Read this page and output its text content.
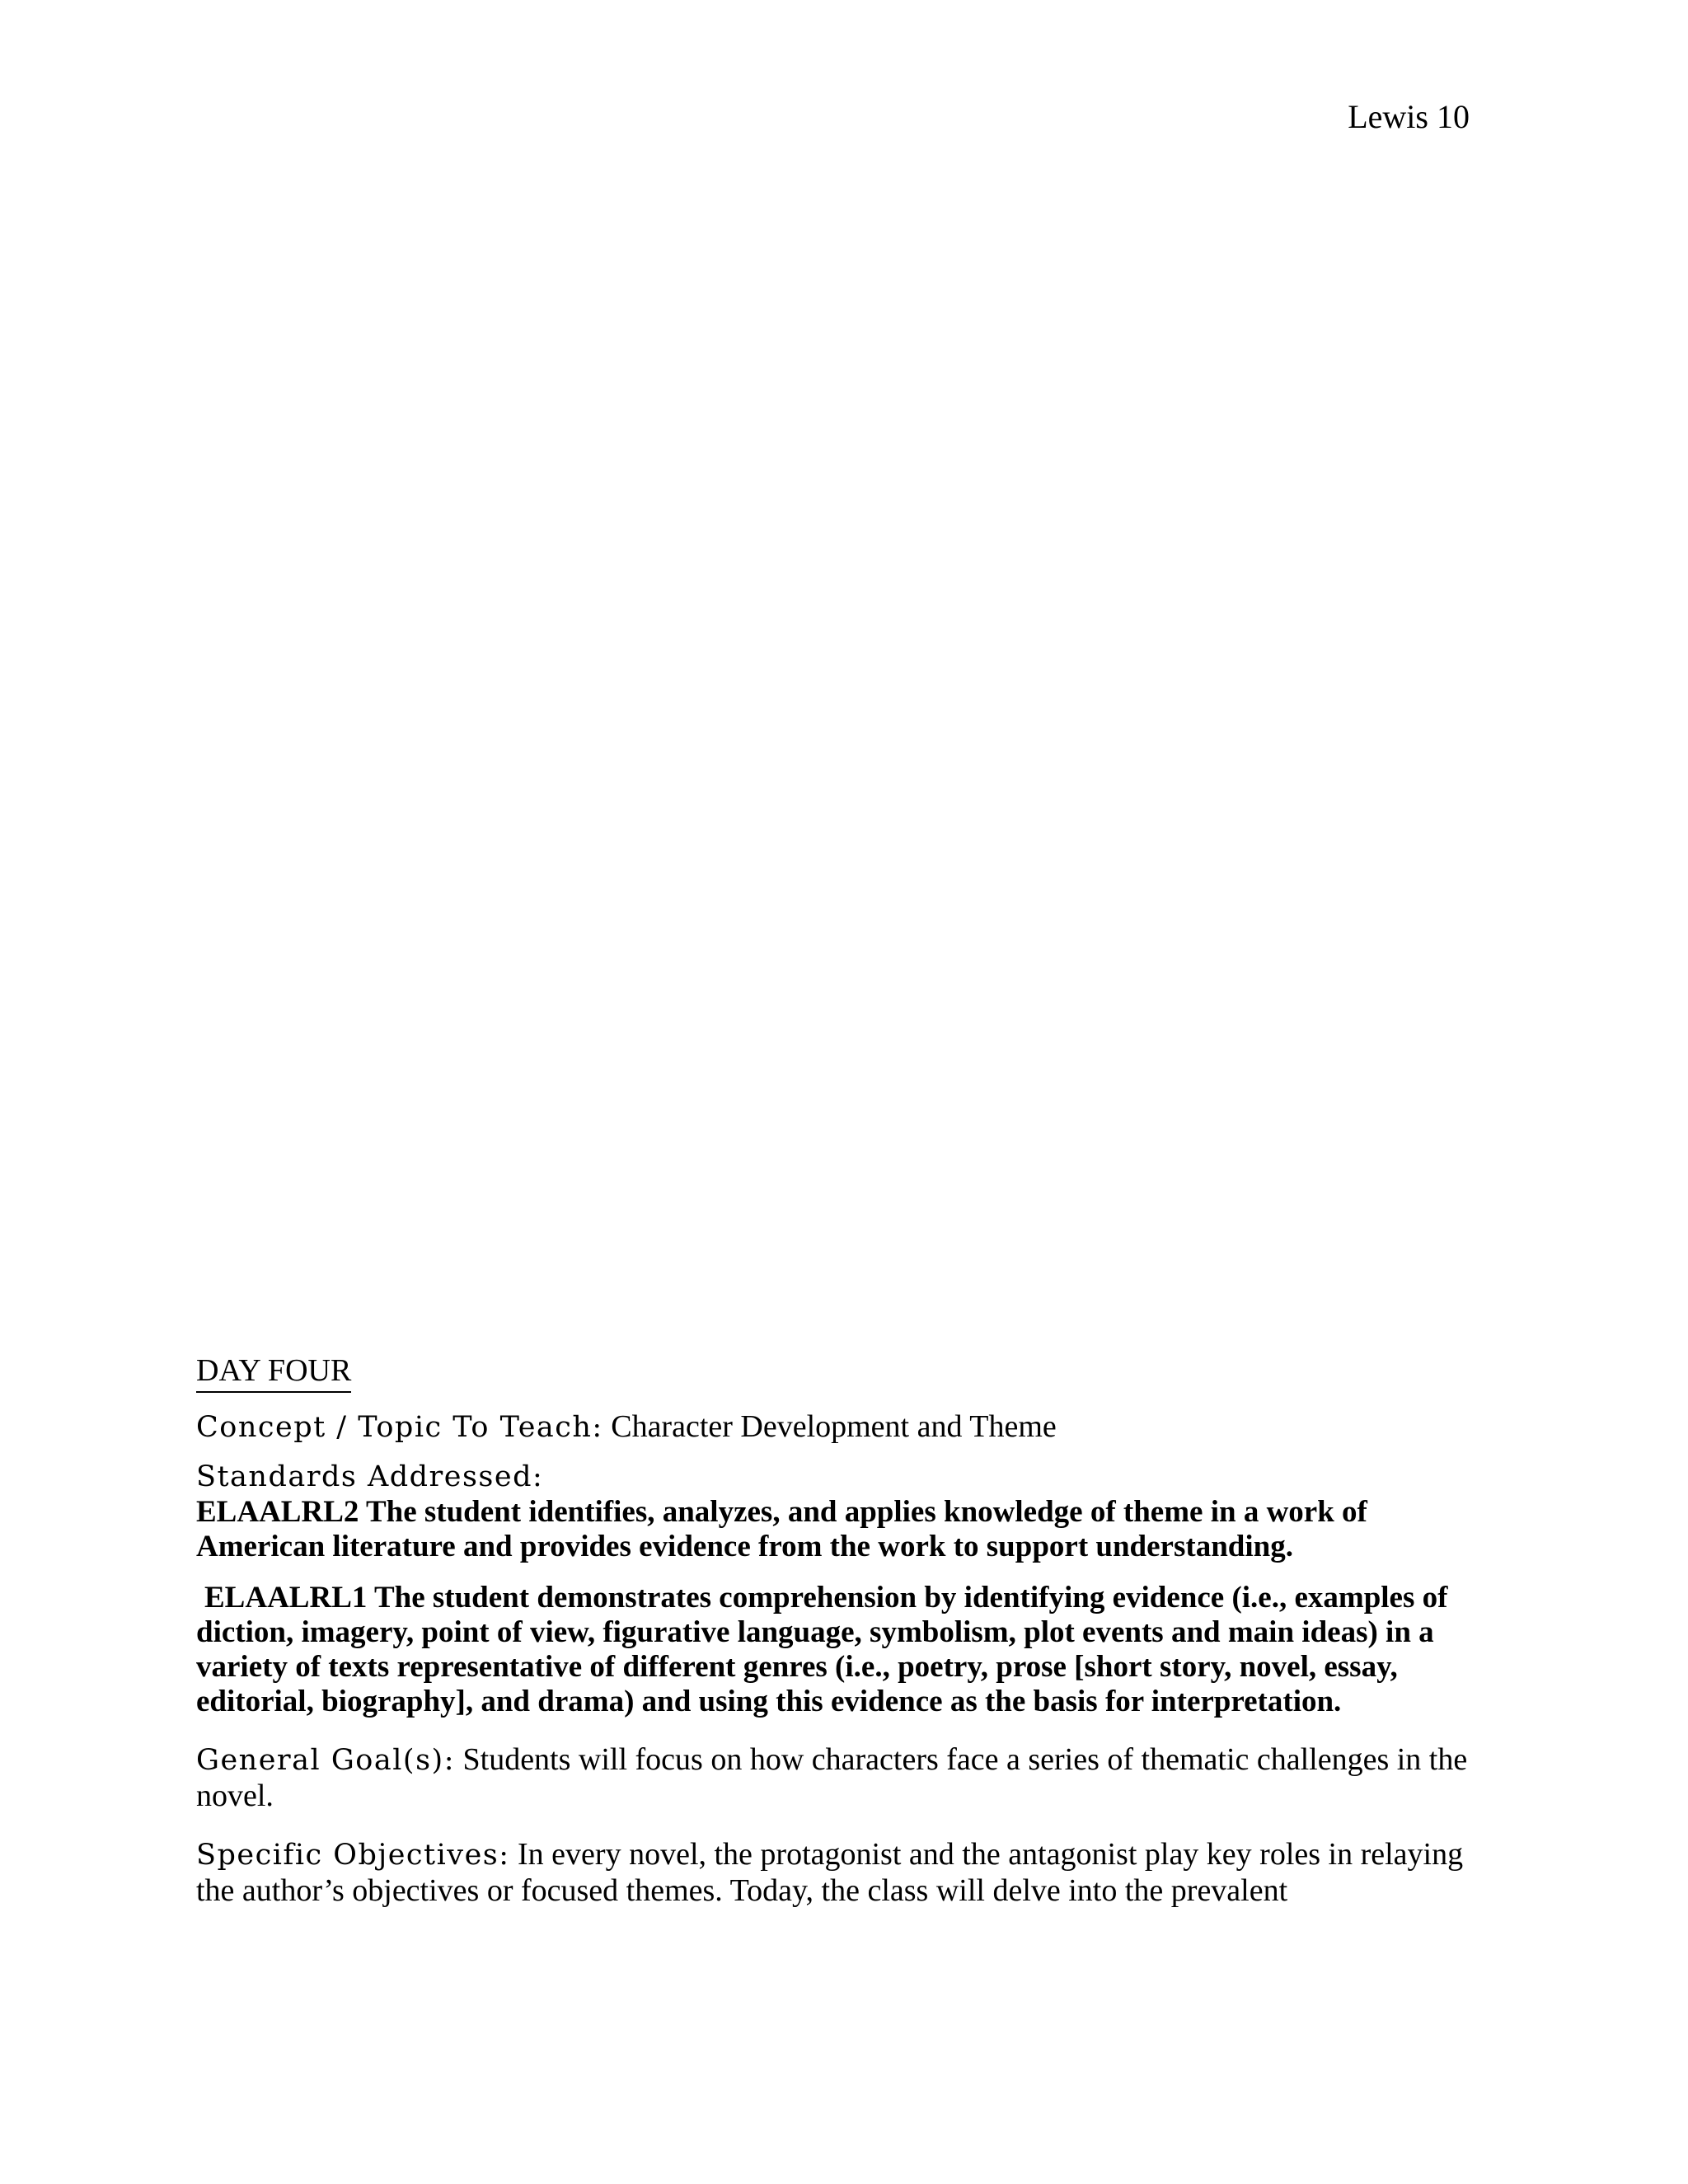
Lewis 10
DAY FOUR

Concept / Topic To Teach: Character Development and Theme

Standards Addressed:

ELAALRL2 The student identifies, analyzes, and applies knowledge of theme in a work of American literature and provides evidence from the work to support understanding.

ELAALRL1 The student demonstrates comprehension by identifying evidence (i.e., examples of diction, imagery, point of view, figurative language, symbolism, plot events and main ideas) in a variety of texts representative of different genres (i.e., poetry, prose [short story, novel, essay, editorial, biography], and drama) and using this evidence as the basis for interpretation.

General Goal(s): Students will focus on how characters face a series of thematic challenges in the novel.

Specific Objectives: In every novel, the protagonist and the antagonist play key roles in relaying the author’s objectives or focused themes. Today, the class will delve into the prevalent
